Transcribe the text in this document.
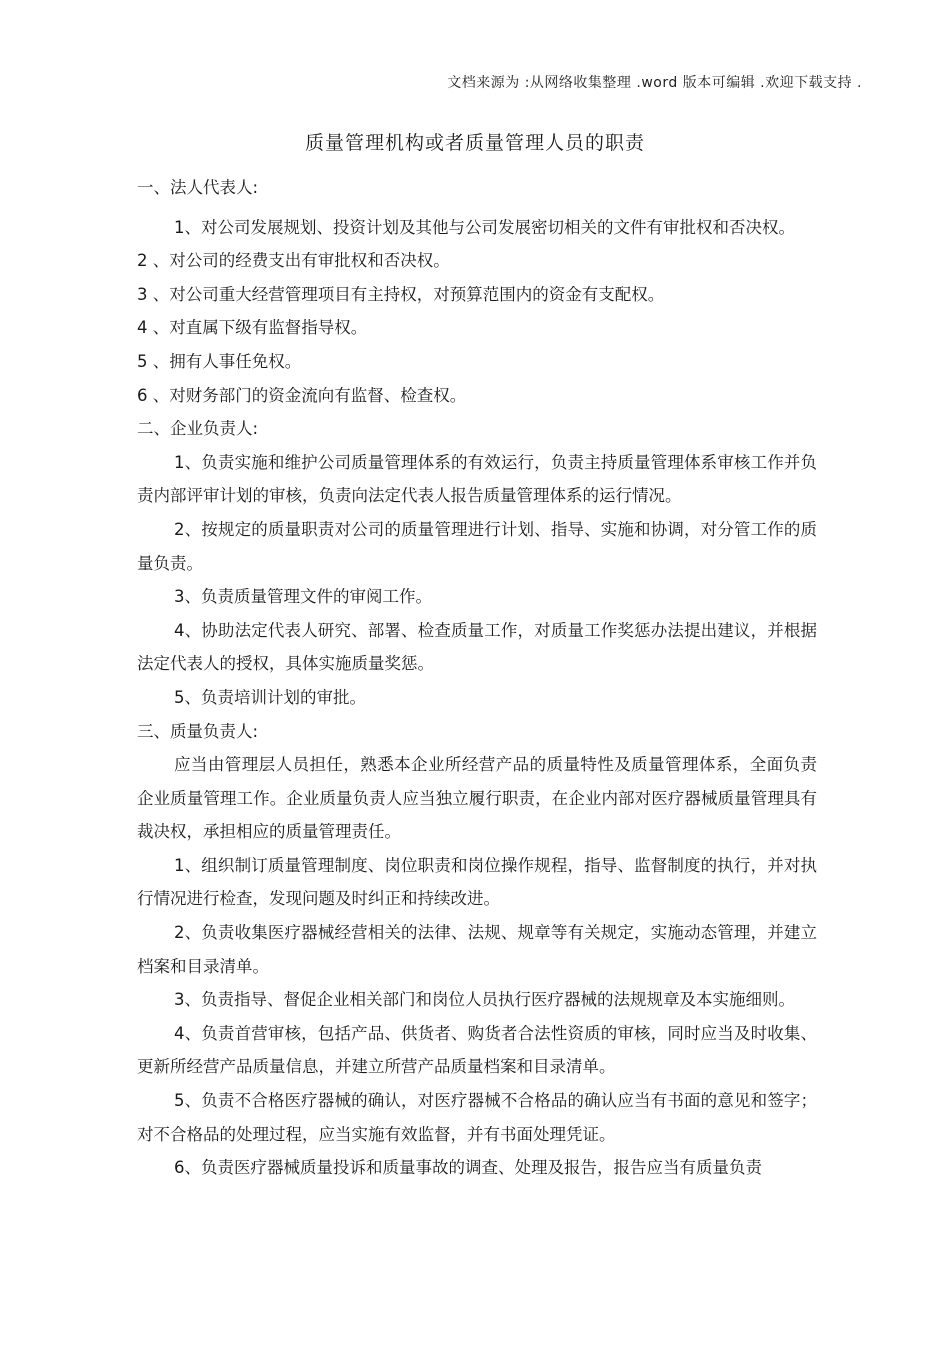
文档来源为 :从网络收集整理 .word 版本可编辑 .欢迎下载支持 .
质量管理机构或者质量管理人员的职责

一、法人代表人:

1、对公司发展规划、投资计划及其他与公司发展密切相关的文件有审批权和否决权。

2 、对公司的经费支出有审批权和否决权。

3 、对公司重大经营管理项目有主持权，对预算范围内的资金有支配权。

4 、对直属下级有监督指导权。

5 、拥有人事任免权。

6 、对财务部门的资金流向有监督、检查权。

二、企业负责人:

1、负责实施和维护公司质量管理体系的有效运行，负责主持质量管理体系审核工作并负责内部评审计划的审核，负责向法定代表人报告质量管理体系的运行情况。

2、按规定的质量职责对公司的质量管理进行计划、指导、实施和协调，对分管工作的质量负责。

3、负责质量管理文件的审阅工作。

4、协助法定代表人研究、部署、检查质量工作，对质量工作奖惩办法提出建议，并根据法定代表人的授权，具体实施质量奖惩。

5、负责培训计划的审批。

三、质量负责人:

应当由管理层人员担任，熟悉本企业所经营产品的质量特性及质量管理体系，全面负责企业质量管理工作。企业质量负责人应当独立履行职责，在企业内部对医疗器械质量管理具有裁决权，承担相应的质量管理责任。

1、组织制订质量管理制度、岗位职责和岗位操作规程，指导、监督制度的执行，并对执行情况进行检查，发现问题及时纠正和持续改进。

2、负责收集医疗器械经营相关的法律、法规、规章等有关规定，实施动态管理，并建立档案和目录清单。

3、负责指导、督促企业相关部门和岗位人员执行医疗器械的法规规章及本实施细则。

4、负责首营审核，包括产品、供货者、购货者合法性资质的审核，同时应当及时收集、更新所经营产品质量信息，并建立所营产品质量档案和目录清单。

5、负责不合格医疗器械的确认，对医疗器械不合格品的确认应当有书面的意见和签字；对不合格品的处理过程，应当实施有效监督，并有书面处理凭证。

6、负责医疗器械质量投诉和质量事故的调查、处理及报告，报告应当有质量负责
